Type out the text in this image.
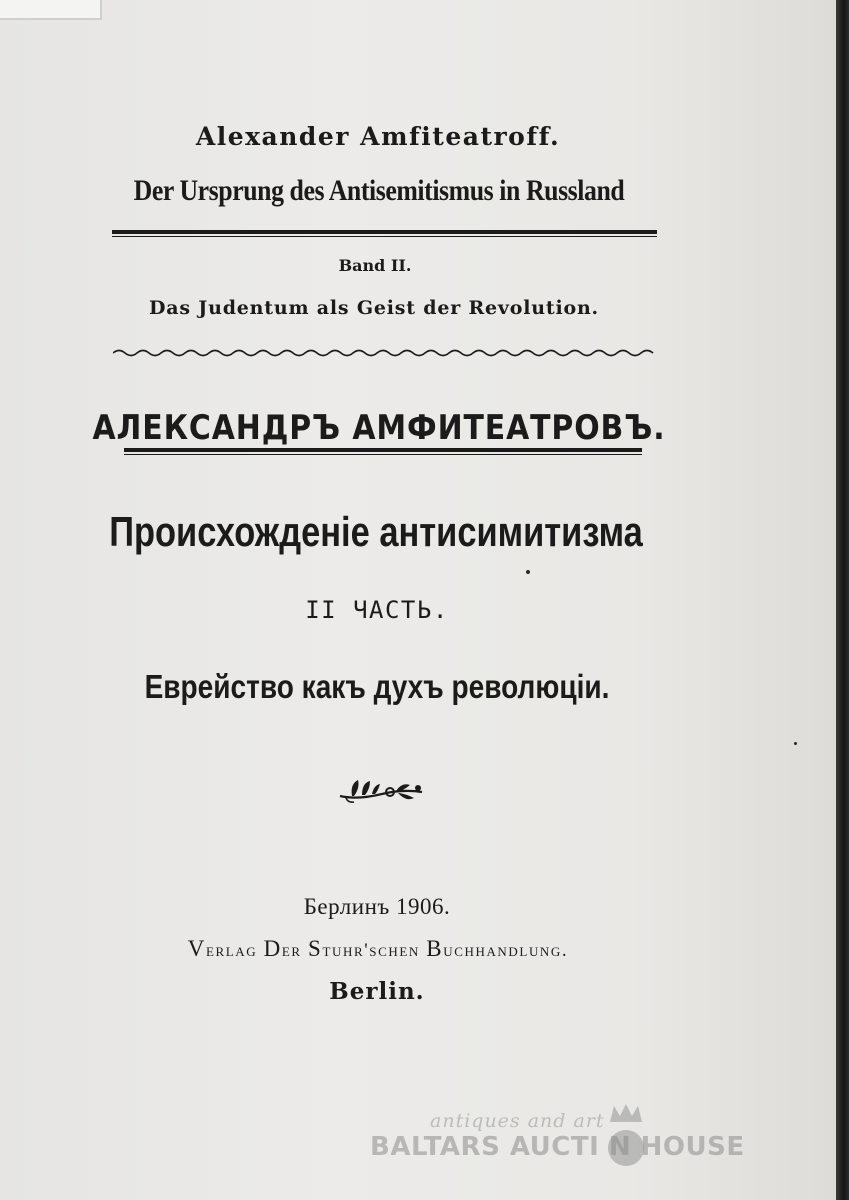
Alexander Amfiteatroff.
Der Ursprung des Antisemitismus in Russland
Band II.
Das Judentum als Geist der Revolution.
АЛЕКСАНДРЪ АМФИТЕАТРОВЪ.
Происхожденіе антисимитизма
II ЧАСТЬ.
Еврейство какъ духъ революціи.
Берлинъ 1906.
Verlag Der Stuhr'schen Buchhandlung.
Berlin.
antiques and art
BALTARS AUCTI N HOUSE
